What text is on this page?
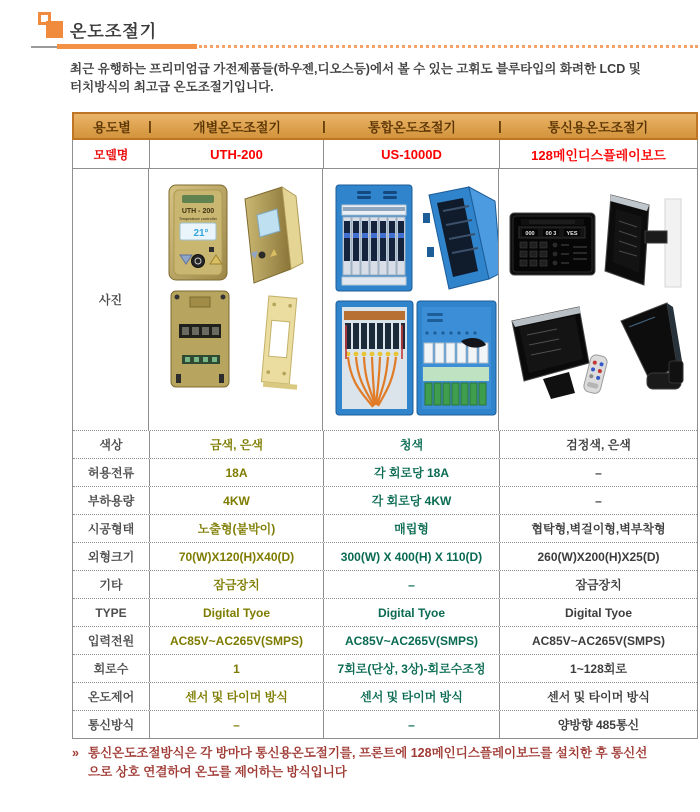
온도조절기
최근 유행하는 프리미엄급 가전제품들(하우젠,디오스등)에서 볼 수 있는 고휘도 블루타입의 화려한 LCD 및
터치방식의 최고급 온도조절기입니다.
용도별	|	개별온도조절기	|	통합온도조절기	|	통신용온도조절기
모델명	UTH-200	US-1000D	128메인디스플레이보드
사진
UTH - 200
Temperature controller
21°	000 00 3 YES
색상	금색, 은색	청색	검정색, 은색
허용전류	18A	각 회로당 18A	–
부하용량	4KW	각 회로당 4KW	–
시공형태	노출형(붙박이)	매립형	협탁형,벽걸이형,벽부착형
외형크기	70(W)X120(H)X40(D)	300(W) X 400(H) X 110(D)	260(W)X200(H)X25(D)
기타	잠금장치	–	잠금장치
TYPE	Digital Tyoe	Digital Tyoe	Digital Tyoe
입력전원	AC85V~AC265V(SMPS)	AC85V~AC265V(SMPS)	AC85V~AC265V(SMPS)
회로수	1	7회로(단상, 3상)-회로수조정	1~128회로
온도제어	센서 및 타이머 방식	센서 및 타이머 방식	센서 및 타이머 방식
통신방식	–	–	양방향 485통신
» 통신온도조절방식은 각 방마다 통신용온도절기를, 프론트에 128메인디스플레이보드를 설치한 후 통신선
으로 상호 연결하여 온도를 제어하는 방식입니다
